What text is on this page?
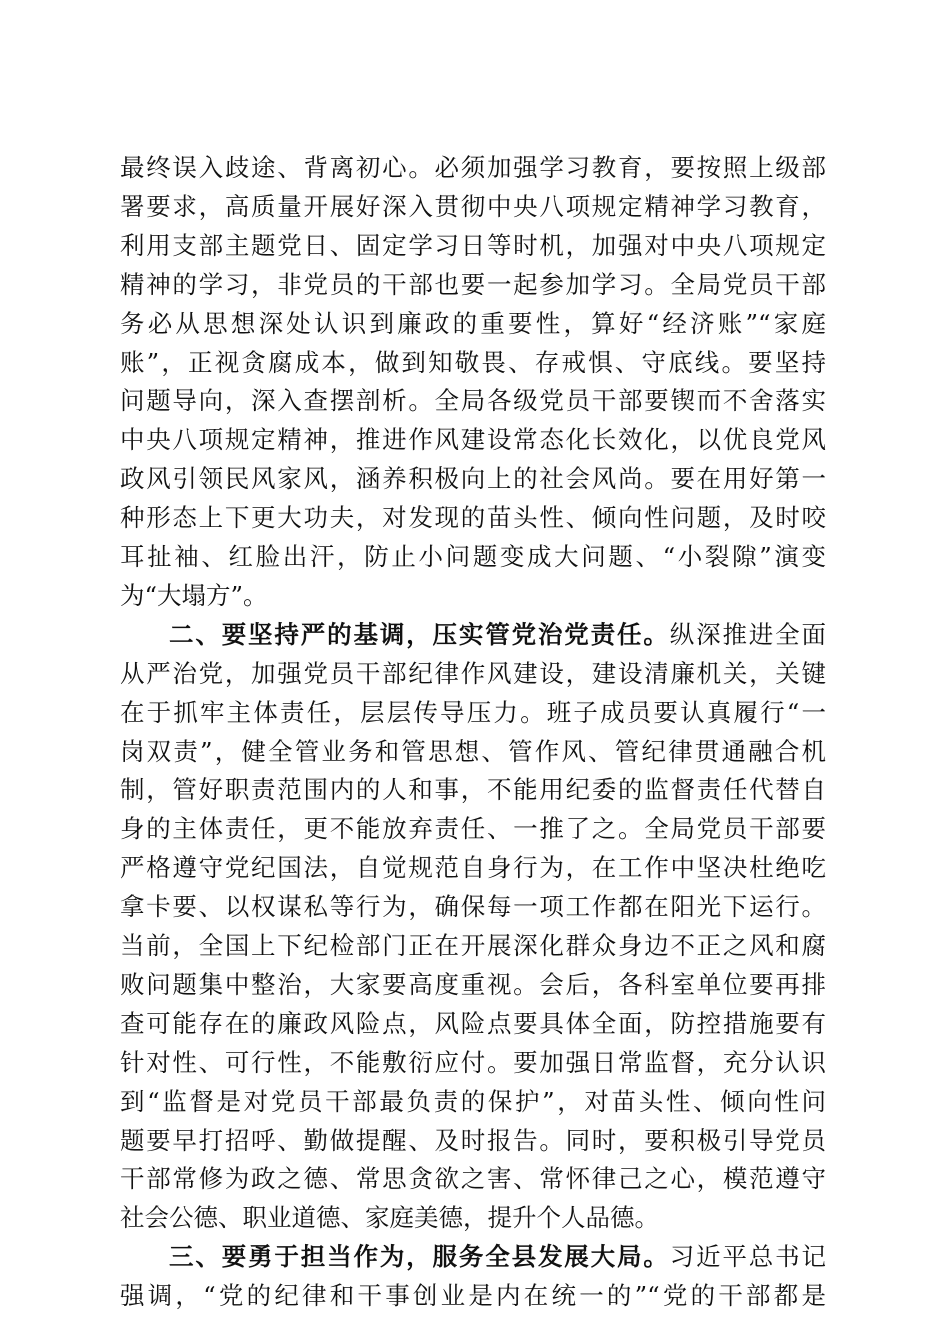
最终误入歧途、背离初心。必须加强学习教育，要按照上级部
署要求，高质量开展好深入贯彻中央八项规定精神学习教育，
利用支部主题党日、固定学习日等时机，加强对中央八项规定
精神的学习，非党员的干部也要一起参加学习。全局党员干部
务必从思想深处认识到廉政的重要性，算好“经济账”“家庭
账”，正视贪腐成本，做到知敬畏、存戒惧、守底线。要坚持
问题导向，深入查摆剖析。全局各级党员干部要锲而不舍落实
中央八项规定精神，推进作风建设常态化长效化，以优良党风
政风引领民风家风，涵养积极向上的社会风尚。要在用好第一
种形态上下更大功夫，对发现的苗头性、倾向性问题，及时咬
耳扯袖、红脸出汗，防止小问题变成大问题、“小裂隙”演变
为“大塌方”。
二、要坚持严的基调，压实管党治党责任。纵深推进全面
从严治党，加强党员干部纪律作风建设，建设清廉机关，关键
在于抓牢主体责任，层层传导压力。班子成员要认真履行“一
岗双责”，健全管业务和管思想、管作风、管纪律贯通融合机
制，管好职责范围内的人和事，不能用纪委的监督责任代替自
身的主体责任，更不能放弃责任、一推了之。全局党员干部要
严格遵守党纪国法，自觉规范自身行为，在工作中坚决杜绝吃
拿卡要、以权谋私等行为，确保每一项工作都在阳光下运行。
当前，全国上下纪检部门正在开展深化群众身边不正之风和腐
败问题集中整治，大家要高度重视。会后，各科室单位要再排
查可能存在的廉政风险点，风险点要具体全面，防控措施要有
针对性、可行性，不能敷衍应付。要加强日常监督，充分认识
到“监督是对党员干部最负责的保护”，对苗头性、倾向性问
题要早打招呼、勤做提醒、及时报告。同时，要积极引导党员
干部常修为政之德、常思贪欲之害、常怀律己之心，模范遵守
社会公德、职业道德、家庭美德，提升个人品德。
三、要勇于担当作为，服务全县发展大局。习近平总书记
强调，“党的纪律和干事创业是内在统一的”“党的干部都是
